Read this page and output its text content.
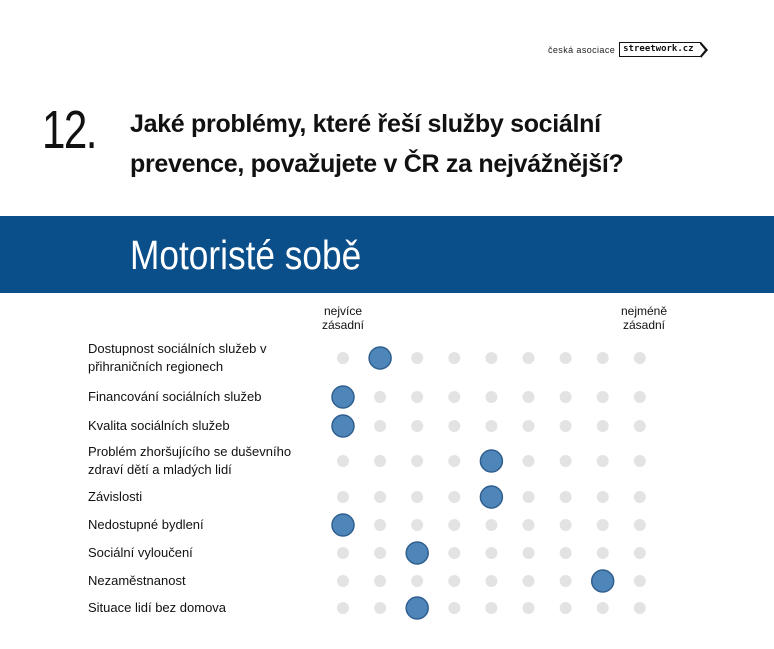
česká asociace streetwork.cz
12. Jaké problémy, které řeší služby sociální prevence, považujete v ČR za nejvážnější?
Motoristé sobě
nejvíce zásadní
nejméně zásadní
Dostupnost sociálních služeb v přihraničních regionech
Financování sociálních služeb
Kvalita sociálních služeb
Problém zhoršujícího se duševního zdraví dětí a mladých lidí
Závislosti
Nedostupné bydlení
Sociální vyloučení
Nezaměstnanost
Situace lidí bez domova
